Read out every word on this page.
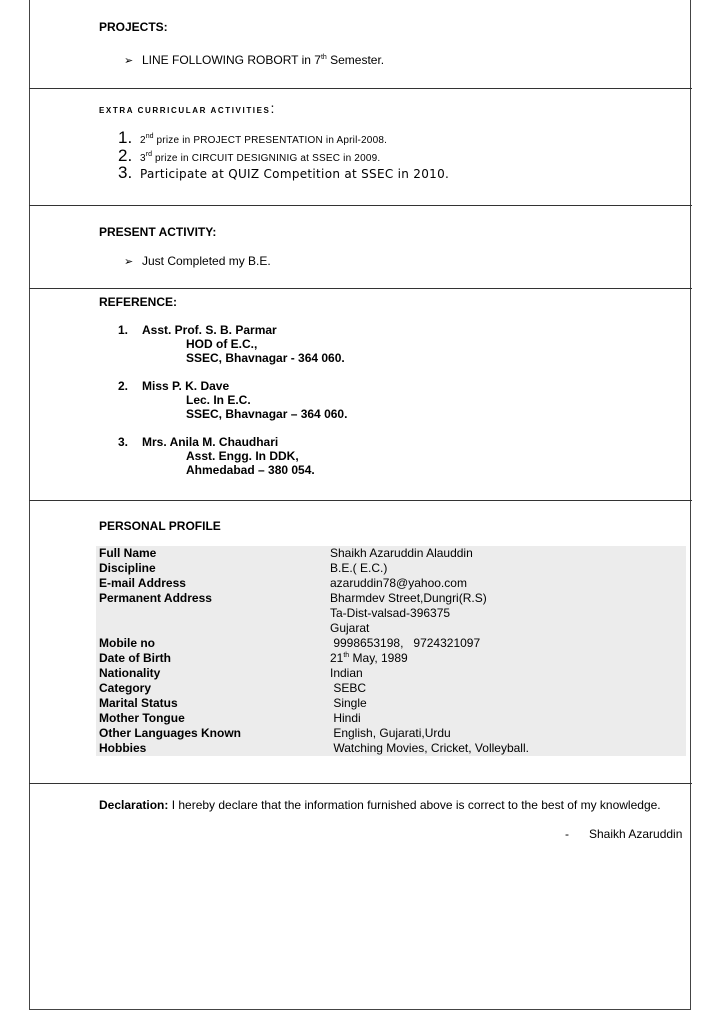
PROJECTS:
➢ LINE FOLLOWING ROBORT in 7th Semester.
EXTRA CURRICULAR ACTIVITIES:
1. 2nd prize in PROJECT PRESENTATION in April-2008.
2. 3rd prize in CIRCUIT DESIGNINIG at SSEC in 2009.
3. Participate at QUIZ Competition at SSEC in 2010.
PRESENT ACTIVITY:
➢ Just Completed my B.E.
REFERENCE:
1. Asst. Prof. S. B. Parmar
HOD of E.C.,
SSEC, Bhavnagar - 364 060.
2. Miss P. K. Dave
Lec. In E.C.
SSEC, Bhavnagar – 364 060.
3. Mrs. Anila M. Chaudhari
Asst. Engg. In DDK,
Ahmedabad – 380 054.
PERSONAL PROFILE
Full Name	Shaikh Azaruddin Alauddin
Discipline	B.E.( E.C.)
E-mail Address	azaruddin78@yahoo.com
Permanent Address	Bharmdev Street,Dungri(R.S)
Ta-Dist-valsad-396375
Gujarat

Mobile no	9998653198,   9724321097
Date of Birth	21th May, 1989
Nationality	Indian
Category	SEBC
Marital Status	Single
Mother Tongue	Hindi
Other Languages Known	English, Gujarati,Urdu
Hobbies	Watching Movies, Cricket, Volleyball.
Declaration: I hereby declare that the information furnished above is correct to the best of my knowledge.
- Shaikh Azaruddin
